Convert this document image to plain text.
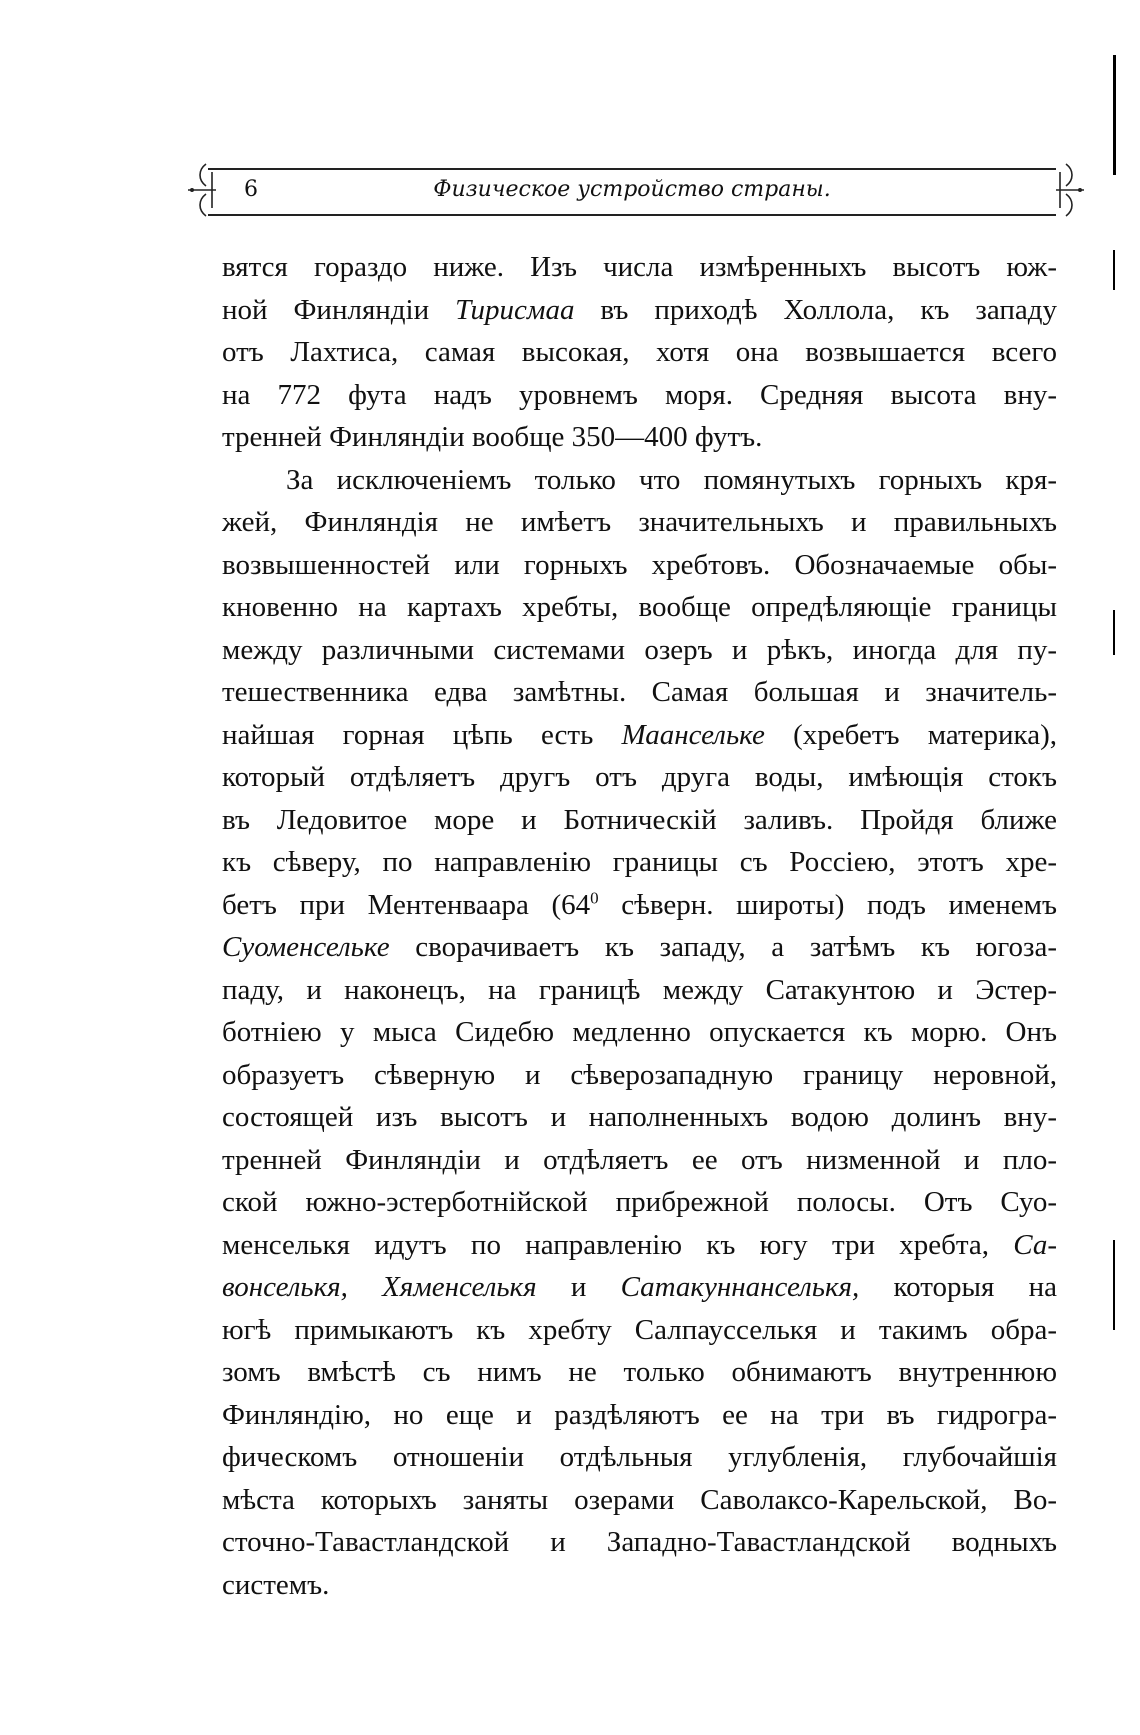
6	Физическое устройство страны.
вятся гораздо ниже. Изъ числа измѣренныхъ высотъ юж-
ной Финляндіи Тирисмаа въ приходѣ Холлола, къ западу
отъ Лахтиса, самая высокая, хотя она возвышается всего
на 772 фута надъ уровнемъ моря. Средняя высота вну-
тренней Финляндіи вообще 350—400 футъ.
За исключеніемъ только что помянутыхъ горныхъ кря-
жей, Финляндія не имѣетъ значительныхъ и правильныхъ
возвышенностей или горныхъ хребтовъ. Обозначаемые обы-
кновенно на картахъ хребты, вообще опредѣляющіе границы
между различными системами озеръ и рѣкъ, иногда для пу-
тешественника едва замѣтны. Самая большая и значитель-
найшая горная цѣпь есть Маансельке (хребетъ материка),
который отдѣляетъ другъ отъ друга воды, имѣющія стокъ
въ Ледовитое море и Ботническій заливъ. Пройдя ближе
къ сѣверу, по направленію границы съ Россіею, этотъ хре-
бетъ при Ментенваара ($64^0$ сѣверн. широты) подъ именемъ
Суоменсельке сворачиваетъ къ западу, а затѣмъ къ югоза-
паду, и наконецъ, на границѣ между Сатакунтою и Эстер-
ботніею у мыса Сидебю медленно опускается къ морю. Онъ
образуетъ сѣверную и сѣверозападную границу неровной,
состоящей изъ высотъ и наполненныхъ водою долинъ вну-
тренней Финляндіи и отдѣляетъ ее отъ низменной и пло-
ской южно-эстерботнійской прибрежной полосы. Отъ Суо-
менселькя идутъ по направленію къ югу три хребта, Са-
вонселькя, Хяменселькя и Сатакуннанселькя, которыя на
югѣ примыкаютъ къ хребту Салпаусселькя и такимъ обра-
зомъ вмѣстѣ съ нимъ не только обнимаютъ внутреннюю
Финляндію, но еще и раздѣляютъ ее на три въ гидрогра-
фическомъ отношеніи отдѣльныя углубленія, глубочайшія
мѣста которыхъ заняты озерами Саволаксо-Карельской, Во-
сточно-Тавастландской и Западно-Тавастландской водныхъ
системъ.
